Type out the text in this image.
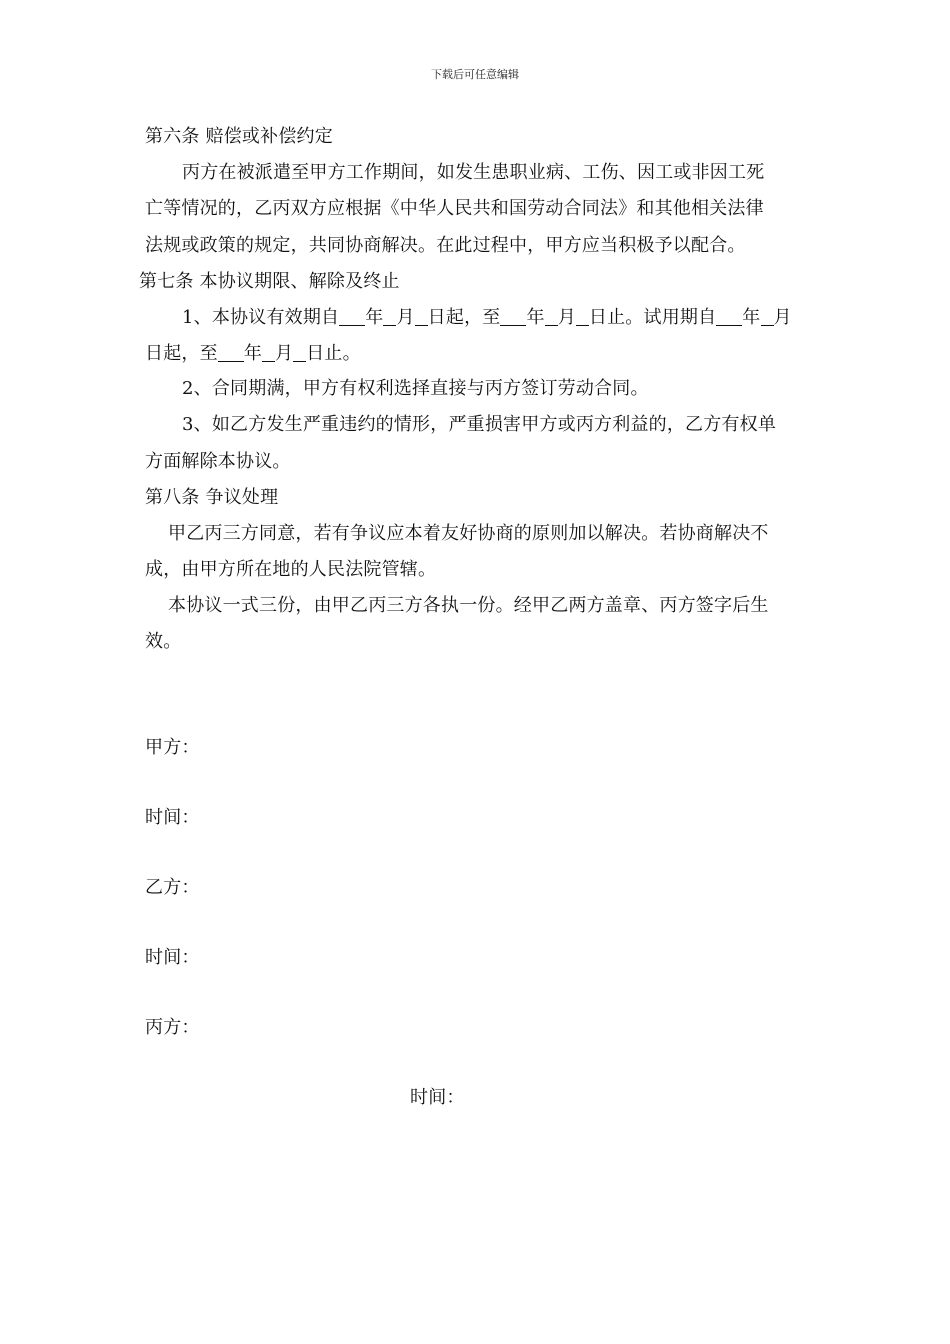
下载后可任意编辑
第六条 赔偿或补偿约定
丙方在被派遣至甲方工作期间，如发生患职业病、工伤、因工或非因工死
亡等情况的，乙丙双方应根据《中华人民共和国劳动合同法》和其他相关法律
法规或政策的规定，共同协商解决。在此过程中，甲方应当积极予以配合。
第七条 本协议期限、解除及终止
1、本协议有效期自 年 月 日起，至 年 月 日止。试用期自 年 月
日起，至 年 月 日止。
2、合同期满，甲方有权利选择直接与丙方签订劳动合同。
3、如乙方发生严重违约的情形，严重损害甲方或丙方利益的，乙方有权单
方面解除本协议。
第八条 争议处理
甲乙丙三方同意，若有争议应本着友好协商的原则加以解决。若协商解决不
成，由甲方所在地的人民法院管辖。
本协议一式三份，由甲乙丙三方各执一份。经甲乙两方盖章、丙方签字后生
效。
甲方：
时间：
乙方：
时间：
丙方：
时间：
